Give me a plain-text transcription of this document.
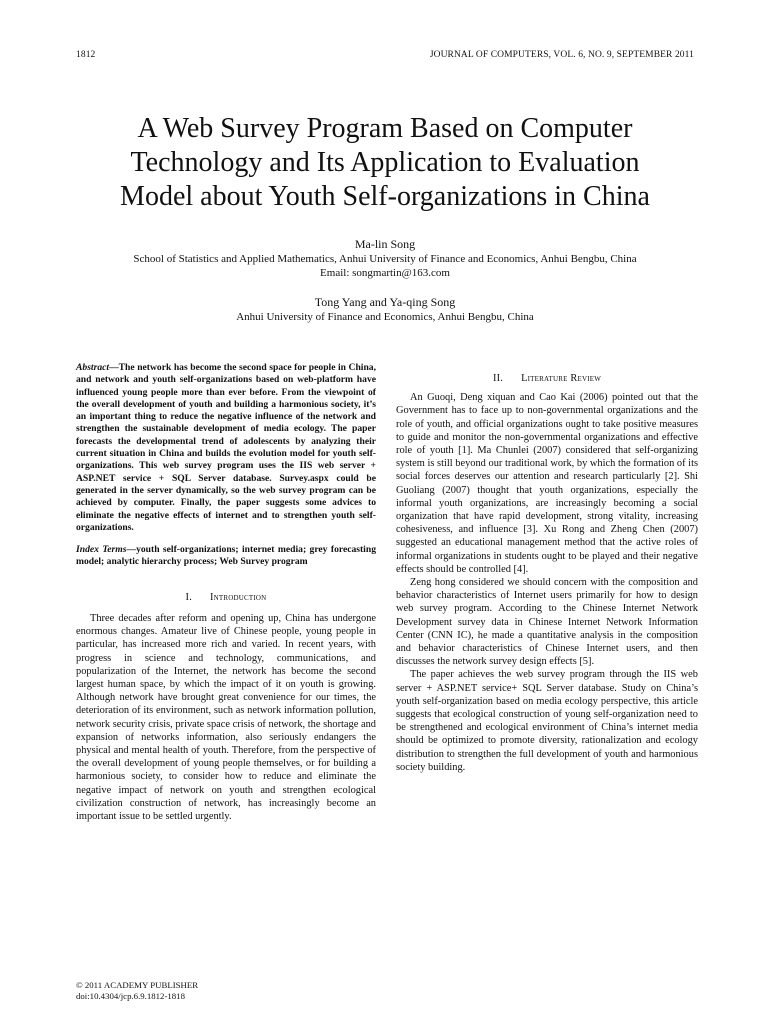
1812	JOURNAL OF COMPUTERS, VOL. 6, NO. 9, SEPTEMBER 2011
A Web Survey Program Based on Computer
Technology and Its Application to Evaluation
Model about Youth Self-organizations in China
Ma-lin Song
School of Statistics and Applied Mathematics, Anhui University of Finance and Economics, Anhui Bengbu, China
Email: songmartin@163.com
Tong Yang and Ya-qing Song
Anhui University of Finance and Economics, Anhui Bengbu, China
Abstract—The network has become the second space for people in China, and network and youth self-organizations based on web-platform have influenced young people more than ever before. From the viewpoint of the overall development of youth and building a harmonious society, it’s an important thing to reduce the negative influence of the network and strengthen the sustainable development of media ecology. The paper forecasts the developmental trend of adolescents by analyzing their current situation in China and builds the evolution model for youth self-organizations. This web survey program uses the IIS web server + ASP.NET service + SQL Server database. Survey.aspx could be generated in the server dynamically, so the web survey program can be achieved by computer. Finally, the paper suggests some advices to eliminate the negative effects of internet and to strengthen youth self-organizations.
Index Terms—youth self-organizations; internet media; grey forecasting model; analytic hierarchy process; Web Survey program
I. Introduction

Three decades after reform and opening up, China has undergone enormous changes. Amateur live of Chinese people, young people in particular, has increased more rich and varied. In recent years, with progress in science and technology, communications, and popularization of the Internet, the network has become the second largest human space, by which the impact of it on youth is growing. Although network have brought great convenience for our times, the deterioration of its environment, such as network information pollution, network security crisis, private space crisis of network, the shortage and expansion of networks information, also seriously endangers the physical and mental health of youth. Therefore, from the perspective of the overall development of young people themselves, or for building a harmonious society, to consider how to reduce and eliminate the negative impact of network on youth and strengthen ecological civilization construction of network, has increasingly become an important issue to be settled urgently.

II. Literature Review

An Guoqi, Deng xiquan and Cao Kai (2006) pointed out that the Government has to face up to non-governmental organizations and the role of youth, and official organizations ought to take positive measures to guide and monitor the non-governmental organizations and effective role of youth [1]. Ma Chunlei (2007) considered that self-organizing system is still beyond our traditional work, by which the formation of its social forces deserves our attention and research particularly [2]. Shi Guoliang (2007) thought that youth organizations, especially the informal youth organizations, are increasingly becoming a social organization that have rapid development, strong vitality, increasing cohesiveness, and influence [3]. Xu Rong and Zheng Chen (2007) suggested an educational management method that the active roles of informal organizations in students ought to be played and their negative effects should be controlled [4].

Zeng hong considered we should concern with the composition and behavior characteristics of Internet users primarily for how to design web survey program. According to the Chinese Internet Network Development survey data in Chinese Internet Network Information Center (CNN IC), he made a quantitative analysis in the composition and behavior characteristics of Chinese Internet users, and then discusses the network survey design effects [5].

The paper achieves the web survey program through the IIS web server + ASP.NET service+ SQL Server database. Study on China’s youth self-organization based on media ecology perspective, this article suggests that ecological construction of young self-organization need to be strengthened and ecological environment of China’s internet media should be optimized to promote diversity, rationalization and ecology distribution to strengthen the full development of youth and harmonious society building.

© 2011 ACADEMY PUBLISHER
doi:10.4304/jcp.6.9.1812-1818
